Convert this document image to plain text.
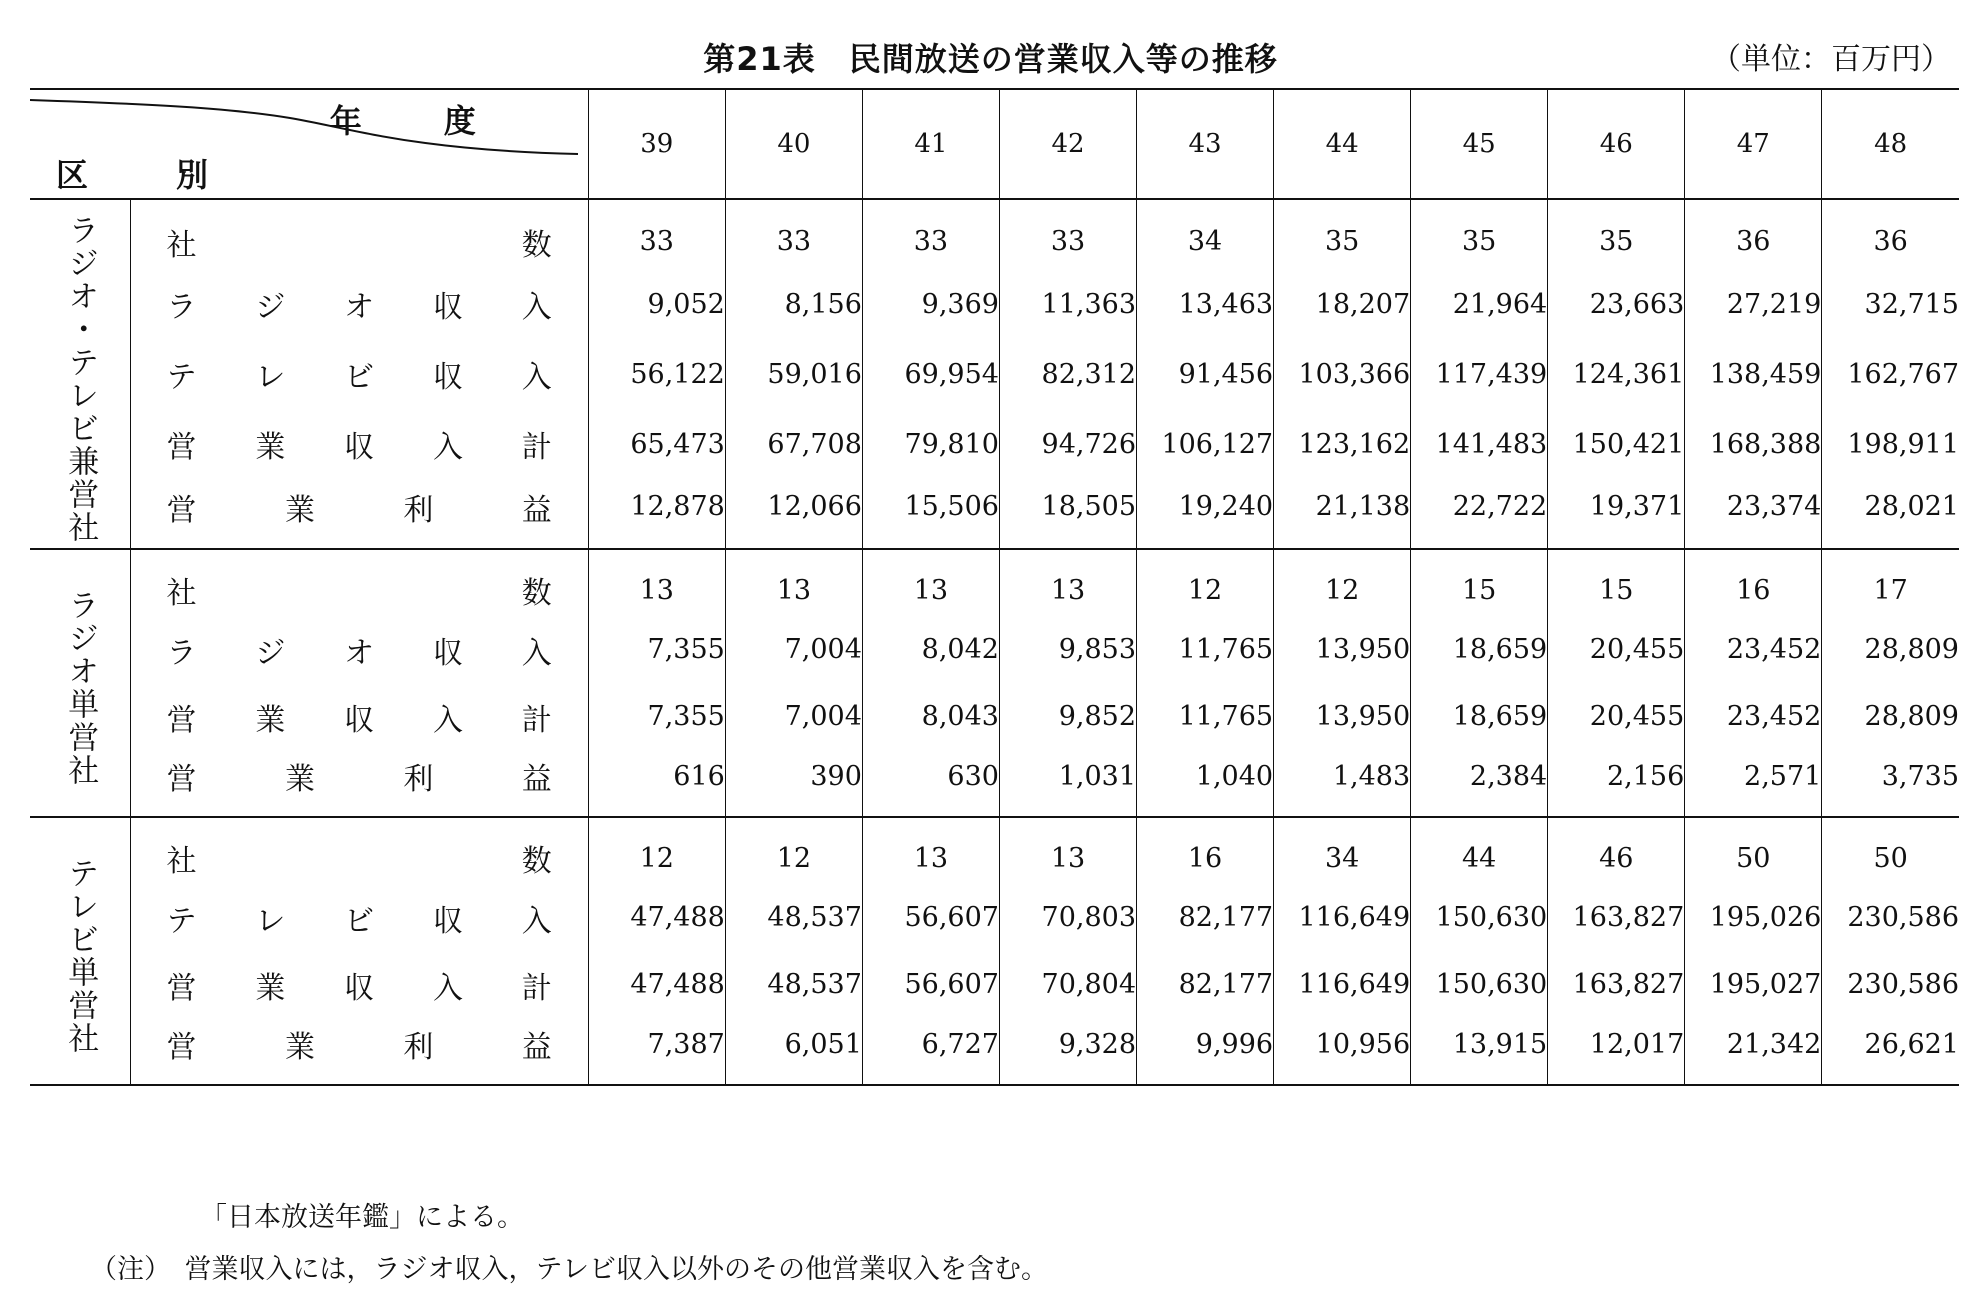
第21表　民間放送の営業収入等の推移	（単位：百万円）
年度
区別		39	40	41	42	43	44	45	46	47	48
ラジオ・テレビ兼営社	社 数	33	33	33	33	34	35	35	35	36	36

	ラ ジ オ 収 入	9,052	8,156	9,369	11,363	13,463	18,207	21,964	23,663	27,219	32,715

	テ レ ビ 収 入	56,122	59,016	69,954	82,312	91,456	103,366	117,439	124,361	138,459	162,767

	営 業 収 入 計	65,473	67,708	79,810	94,726	106,127	123,162	141,483	150,421	168,388	198,911

	営 業 利 益	12,878	12,066	15,506	18,505	19,240	21,138	22,722	19,371	23,374	28,021
ラジオ単営社	社 数	13	13	13	13	12	12	15	15	16	17

	ラ ジ オ 収 入	7,355	7,004	8,042	9,853	11,765	13,950	18,659	20,455	23,452	28,809

	営 業 収 入 計	7,355	7,004	8,043	9,852	11,765	13,950	18,659	20,455	23,452	28,809

	営 業 利 益	616	390	630	1,031	1,040	1,483	2,384	2,156	2,571	3,735
テレビ単営社	社 数	12	12	13	13	16	34	44	46	50	50

	テ レ ビ 収 入	47,488	48,537	56,607	70,803	82,177	116,649	150,630	163,827	195,026	230,586

	営 業 収 入 計	47,488	48,537	56,607	70,804	82,177	116,649	150,630	163,827	195,027	230,586

	営 業 利 益	7,387	6,051	6,727	9,328	9,996	10,956	13,915	12,017	21,342	26,621
「日本放送年鑑」による。
（注）　営業収入には，ラジオ収入，テレビ収入以外のその他営業収入を含む。
